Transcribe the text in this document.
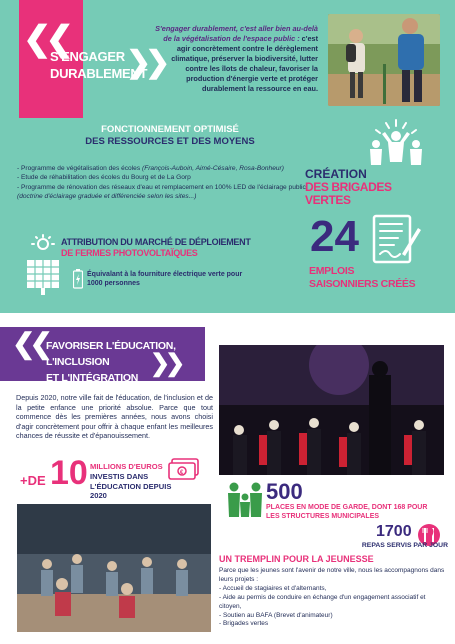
❮❮
S'ENGAGER DURABLEMENT
❯❯
S'engager durablement, c'est aller bien au-delà de la végétalisation de l'espace public : c'est agir concrètement contre le dérèglement climatique, préserver la biodiversité, lutter contre les îlots de chaleur, favoriser la production d'énergie verte et protéger durablement la ressource en eau.
FONCTIONNEMENT OPTIMISÉ
DES RESSOURCES ET DES MOYENS
- Programme de végétalisation des écoles (François-Auboin, Aimé-Césaire, Rosa-Bonheur)
- Etude de réhabilitation des écoles du Bourg et de La Gorp
- Programme de rénovation des réseaux d'eau et remplacement en 100% LED de l'éclairage public (doctrine d'éclairage graduée et différenciée selon les sites...)
CRÉATION
DES BRIGADES VERTES
24
EMPLOIS
SAISONNIERS CRÉÉS
ATTRIBUTION DU MARCHÉ DE DÉPLOIEMENT
DE FERMES PHOTOVOLTAÏQUES
Équivalant à la fourniture électrique verte pour 1000 personnes
❮❮ FAVORISER L'ÉDUCATION, L'INCLUSION
ET L'INTÉGRATION
❯❯
Depuis 2020, notre ville fait de l'éducation, de l'inclusion et de la petite enfance une priorité absolue. Parce que tout commence dès les premières années, nous avons choisi d'agir concrètement pour offrir à chaque enfant les meilleures chances de réussite et d'épanouissement.
+DE 10 MILLIONS D'EUROS
INVESTIS DANS
L'ÉDUCATION DEPUIS 2020
€
500
PLACES EN MODE DE GARDE, DONT 168 POUR
LES STRUCTURES MUNICIPALES
1700
REPAS SERVIS PAR JOUR
UN TREMPLIN POUR LA JEUNESSE
Parce que les jeunes sont l'avenir de notre ville, nous les accompagnons dans leurs projets :
- Accueil de stagiaires et d'alternants,
- Aide au permis de conduire en échange d'un engagement associatif et citoyen,
- Soutien au BAFA (Brevet d'animateur)
- Brigades vertes
